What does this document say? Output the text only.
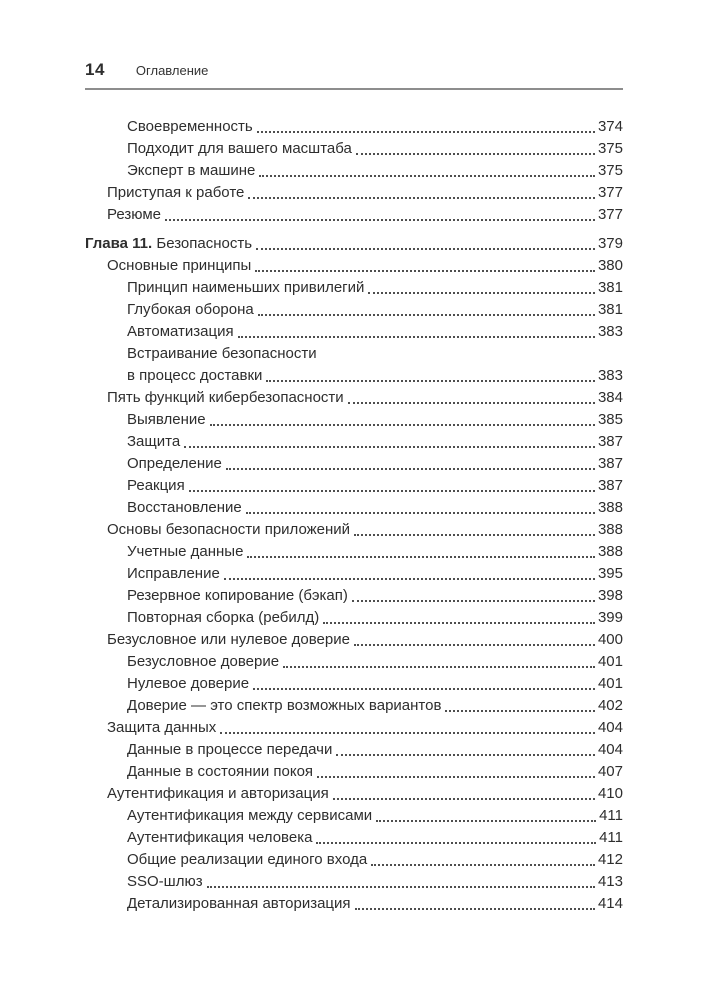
14 Оглавление
Своевременность	374
Подходит для вашего масштаба	375
Эксперт в машине	375
Приступая к работе	377
Резюме	377
Глава 11. Безопасность	379
Основные принципы	380
Принцип наименьших привилегий	381
Глубокая оборона	381
Автоматизация	383
Встраивание безопасности
в процесс доставки	383
Пять функций кибербезопасности	384
Выявление	385
Защита	387
Определение	387
Реакция	387
Восстановление	388
Основы безопасности приложений	388
Учетные данные	388
Исправление	395
Резервное копирование (бэкап)	398
Повторная сборка (ребилд)	399
Безусловное или нулевое доверие	400
Безусловное доверие	401
Нулевое доверие	401
Доверие — это спектр возможных вариантов	402
Защита данных	404
Данные в процессе передачи	404
Данные в состоянии покоя	407
Аутентификация и авторизация	410
Аутентификация между сервисами	411
Аутентификация человека	411
Общие реализации единого входа	412
SSO-шлюз	413
Детализированная авторизация	414
